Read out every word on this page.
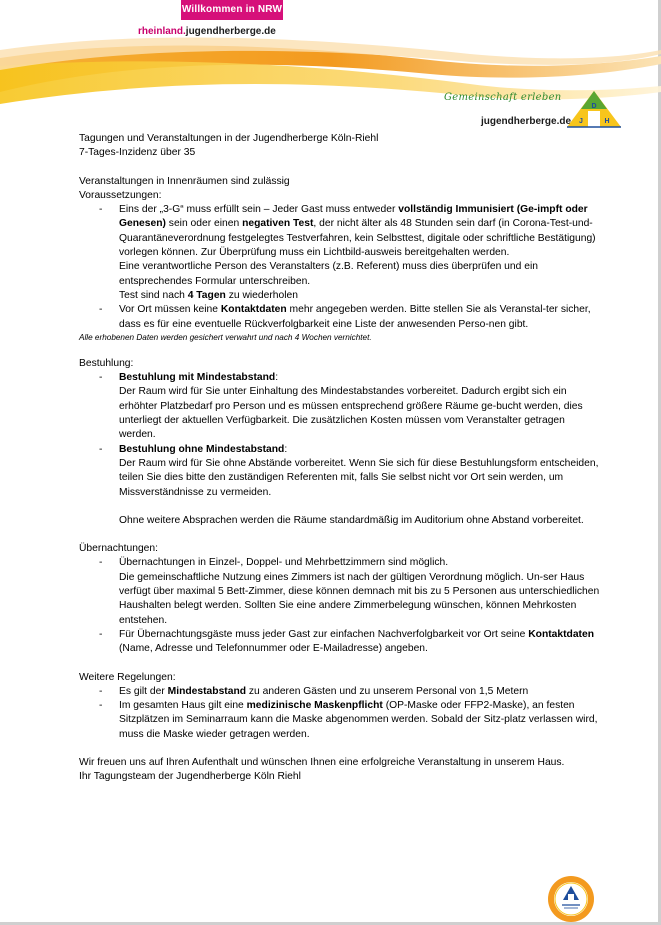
Willkommen in NRW
rheinland.jugendherberge.de
Gemeinschaft erleben
jugendherberge.de
D
J	H

Tagungen und Veranstaltungen in der Jugendherberge Köln-Riehl

7-Tages-Inzidenz über 35

Veranstaltungen in Innenräumen sind zulässig

Voraussetzungen:

- Eins der „3-G“ muss erfüllt sein – Jeder Gast muss entweder vollständig Immunisiert (Ge-impft oder Genesen) sein oder einen negativen Test, der nicht älter als 48 Stunden sein darf (in Corona-Test-und-Quarantäneverordnung festgelegtes Testverfahren, kein Selbsttest, digitale oder schriftliche Bestätigung) vorlegen können. Zur Überprüfung muss ein Lichtbild-ausweis bereitgehalten werden.

Eine verantwortliche Person des Veranstalters (z.B. Referent) muss dies überprüfen und ein entsprechendes Formular unterschreiben.

Test sind nach 4 Tagen zu wiederholen

- Vor Ort müssen keine Kontaktdaten mehr angegeben werden. Bitte stellen Sie als Veranstal-ter sicher, dass es für eine eventuelle Rückverfolgbarkeit eine Liste der anwesenden Perso-nen gibt.

Alle erhobenen Daten werden gesichert verwahrt und nach 4 Wochen vernichtet.

Bestuhlung:

- Bestuhlung mit Mindestabstand:

Der Raum wird für Sie unter Einhaltung des Mindestabstandes vorbereitet. Dadurch ergibt sich ein erhöhter Platzbedarf pro Person und es müssen entsprechend größere Räume ge-bucht werden, dies unterliegt der aktuellen Verfügbarkeit. Die zusätzlichen Kosten müssen vom Veranstalter getragen werden.

- Bestuhlung ohne Mindestabstand:

Der Raum wird für Sie ohne Abstände vorbereitet. Wenn Sie sich für diese Bestuhlungsform entscheiden, teilen Sie dies bitte den zuständigen Referenten mit, falls Sie selbst nicht vor Ort sein werden, um Missverständnisse zu vermeiden.

Ohne weitere Absprachen werden die Räume standardmäßig im Auditorium ohne Abstand vorbereitet.

Übernachtungen:

- Übernachtungen in Einzel-, Doppel- und Mehrbettzimmern sind möglich.

Die gemeinschaftliche Nutzung eines Zimmers ist nach der gültigen Verordnung möglich. Un-ser Haus verfügt über maximal 5 Bett-Zimmer, diese können demnach mit bis zu 5 Personen aus unterschiedlichen Haushalten belegt werden. Sollten Sie eine andere Zimmerbelegung wünschen, können Mehrkosten entstehen.

- Für Übernachtungsgäste muss jeder Gast zur einfachen Nachverfolgbarkeit vor Ort seine Kontaktdaten (Name, Adresse und Telefonnummer oder E-Mailadresse) angeben.

Weitere Regelungen:

- Es gilt der Mindestabstand zu anderen Gästen und zu unserem Personal von 1,5 Metern

- Im gesamten Haus gilt eine medizinische Maskenpflicht (OP-Maske oder FFP2-Maske), an festen Sitzplätzen im Seminarraum kann die Maske abgenommen werden. Sobald der Sitz-platz verlassen wird, muss die Maske wieder getragen werden.

Wir freuen uns auf Ihren Aufenthalt und wünschen Ihnen eine erfolgreiche Veranstaltung in unserem Haus.

Ihr Tagungsteam der Jugendherberge Köln Riehl
